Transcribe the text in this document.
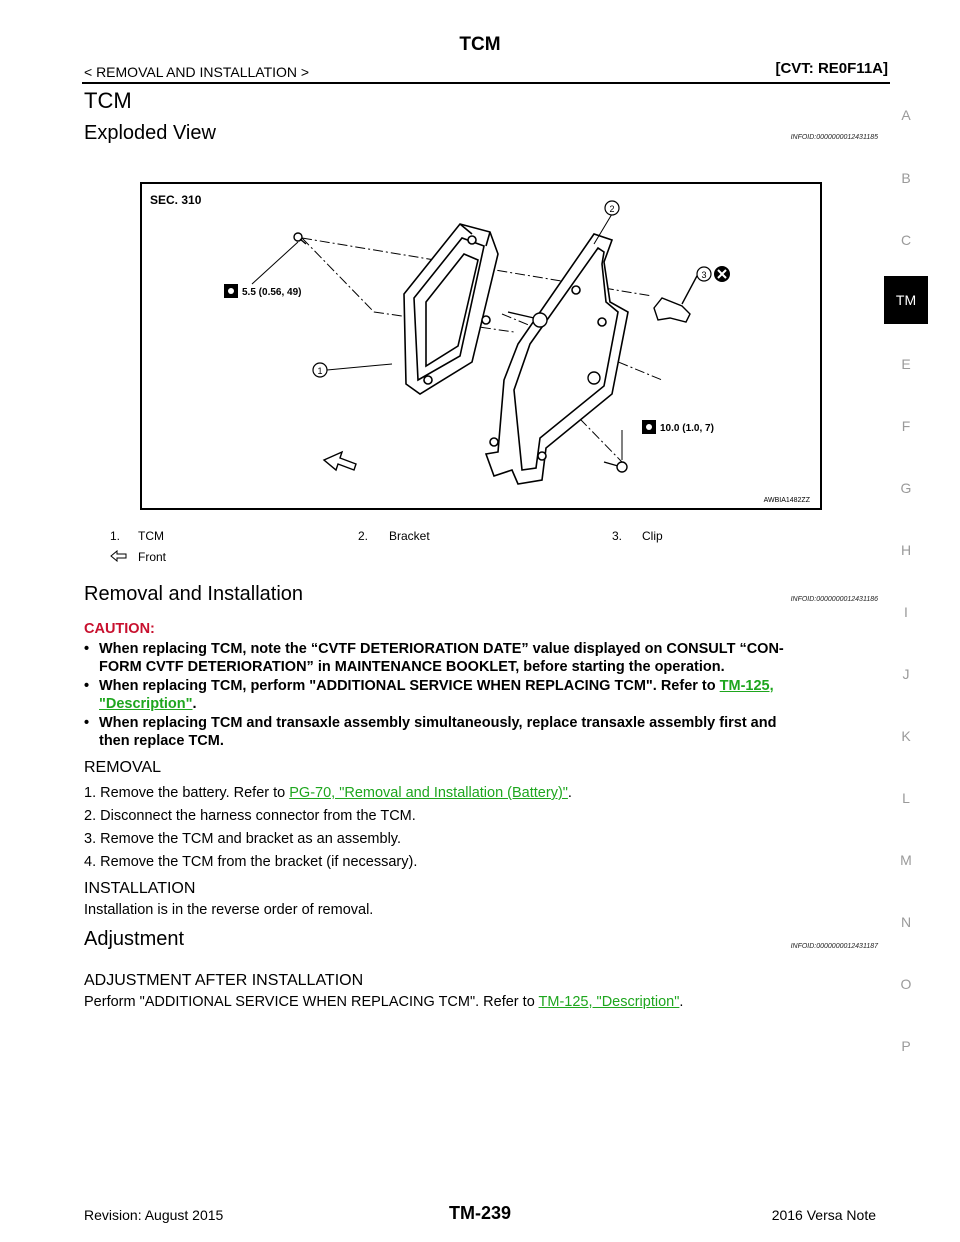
TCM
< REMOVAL AND INSTALLATION >	[CVT: RE0F11A]
A
B
C
TM
E
F
G
H
I
J
K
L
M
N
O
P
TCM
Exploded View	INFOID:0000000012431185
SEC. 310
2
1
3
5.5 (0.56, 49)
10.0 (1.0, 7)
AWBIA1482ZZ
1. TCM	2. Bracket	3. Clip
Front
Removal and Installation	INFOID:0000000012431186
CAUTION:
• When replacing TCM, note the “CVTF DETERIORATION DATE” value displayed on CONSULT “CON-
FORM CVTF DETERIORATION” in MAINTENANCE BOOKLET, before starting the operation.
• When replacing TCM, perform "ADDITIONAL SERVICE WHEN REPLACING TCM". Refer to TM-125,
"Description".
• When replacing TCM and transaxle assembly simultaneously, replace transaxle assembly first and
then replace TCM.
REMOVAL
1. Remove the battery. Refer to PG-70, "Removal and Installation (Battery)".
2. Disconnect the harness connector from the TCM.
3. Remove the TCM and bracket as an assembly.
4. Remove the TCM from the bracket (if necessary).
INSTALLATION
Installation is in the reverse order of removal.
Adjustment	INFOID:0000000012431187
ADJUSTMENT AFTER INSTALLATION
Perform "ADDITIONAL SERVICE WHEN REPLACING TCM". Refer to TM-125, "Description".
Revision: August 2015	TM-239	2016 Versa Note
